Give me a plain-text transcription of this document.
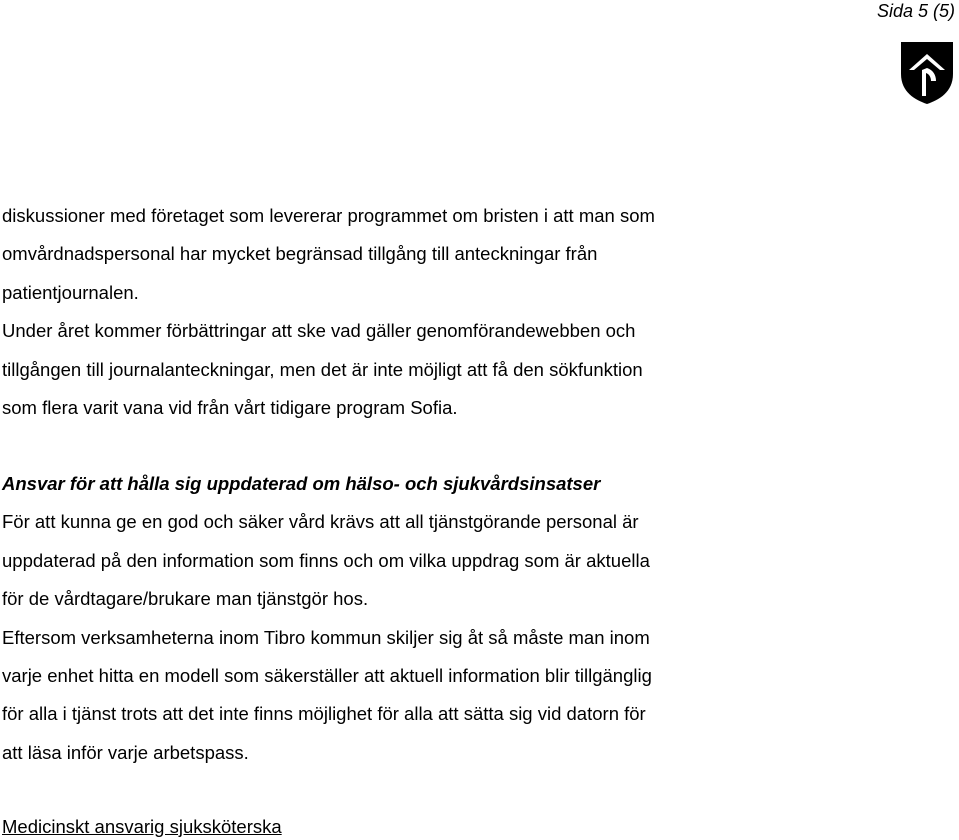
Sida 5 (5)

diskussioner med företaget som levererar programmet om bristen i att man som

omvårdnadspersonal har mycket begränsad tillgång till anteckningar från

patientjournalen.

Under året kommer förbättringar att ske vad gäller genomförandewebben och

tillgången till journalanteckningar, men det är inte möjligt att få den sökfunktion

som flera varit vana vid från vårt tidigare program Sofia.

Ansvar för att hålla sig uppdaterad om hälso- och sjukvårdsinsatser

För att kunna ge en god och säker vård krävs att all tjänstgörande personal är

uppdaterad på den information som finns och om vilka uppdrag som är aktuella

för de vårdtagare/brukare man tjänstgör hos.

Eftersom verksamheterna inom Tibro kommun skiljer sig åt så måste man inom

varje enhet hitta en modell som säkerställer att aktuell information blir tillgänglig

för alla i tjänst trots att det inte finns möjlighet för alla att sätta sig vid datorn för

att läsa inför varje arbetspass.

Medicinskt ansvarig sjuksköterska
